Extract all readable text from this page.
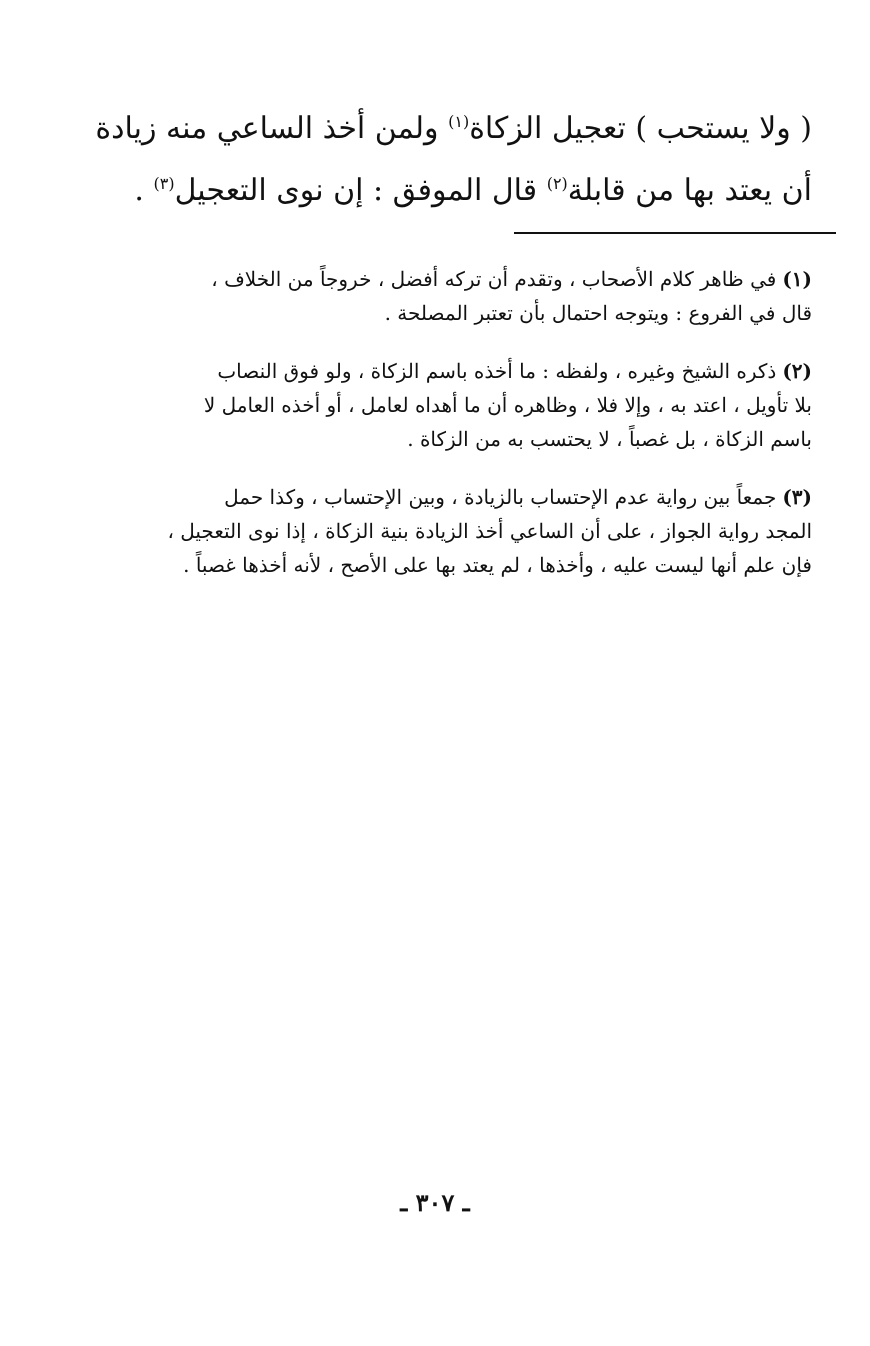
( ولا يستحب ) تعجيل الزكاة$^{(١)}$ ولمن أخذ الساعي منه زيادة
أن يعتد بها من قابلة$^{(٢)}$ قال الموفق : إن نوى التعجيل$^{(٣)}$ .
(١)في ظاهر كلام الأصحاب ، وتقدم أن تركه أفضل ، خروجاً من الخلاف ،
قال في الفروع : ويتوجه احتمال بأن تعتبر المصلحة .
(٢)ذكره الشيخ وغيره ، ولفظه : ما أخذه باسم الزكاة ، ولو فوق النصاب
بلا تأويل ، اعتد به ، وإلا فلا ، وظاهره أن ما أهداه لعامل ، أو أخذه العامل لا
باسم الزكاة ، بل غصباً ، لا يحتسب به من الزكاة .
(٣)جمعاً بين رواية عدم الإحتساب بالزيادة ، وبين الإحتساب ، وكذا حمل
المجد رواية الجواز ، على أن الساعي أخذ الزيادة بنية الزكاة ، إذا نوى التعجيل ،
فإن علم أنها ليست عليه ، وأخذها ، لم يعتد بها على الأصح ، لأنه أخذها غصباً .
ـ ٣٠٧ ـ
